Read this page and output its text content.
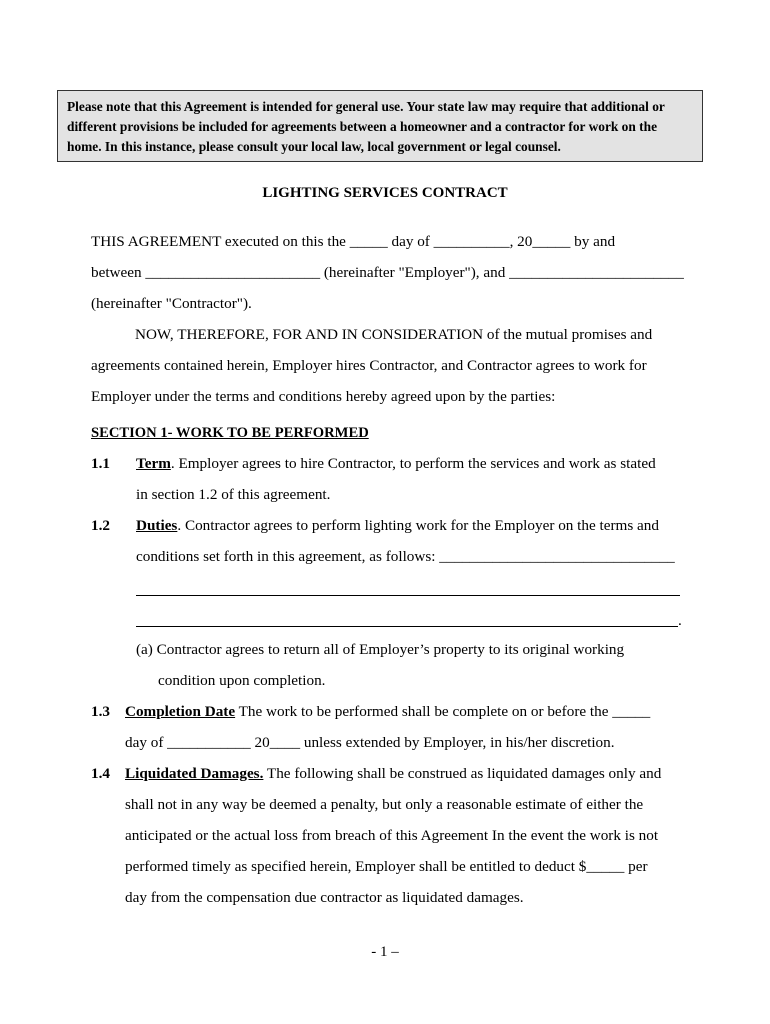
Please note that this Agreement is intended for general use. Your state law may require that additional or different provisions be included for agreements between a homeowner and a contractor for work on the home. In this instance, please consult your local law, local government or legal counsel.
LIGHTING SERVICES CONTRACT
THIS AGREEMENT executed on this the _____ day of __________, 20_____ by and
between _______________________ (hereinafter "Employer"), and _______________________
(hereinafter "Contractor").
NOW, THEREFORE, FOR AND IN CONSIDERATION of the mutual promises and
agreements contained herein, Employer hires Contractor, and Contractor agrees to work for
Employer under the terms and conditions hereby agreed upon by the parties:
SECTION 1- WORK TO BE PERFORMED
1.1 Term. Employer agrees to hire Contractor, to perform the services and work as stated
in section 1.2 of this agreement.
1.2 Duties. Contractor agrees to perform lighting work for the Employer on the terms and
conditions set forth in this agreement, as follows: _______________________________
.
(a) Contractor agrees to return all of Employer’s property to its original working
condition upon completion.
1.3 Completion Date The work to be performed shall be complete on or before the _____
day of ___________ 20____ unless extended by Employer, in his/her discretion.
1.4 Liquidated Damages. The following shall be construed as liquidated damages only and
shall not in any way be deemed a penalty, but only a reasonable estimate of either the
anticipated or the actual loss from breach of this Agreement In the event the work is not
performed timely as specified herein, Employer shall be entitled to deduct $_____ per
day from the compensation due contractor as liquidated damages.
- 1 –
